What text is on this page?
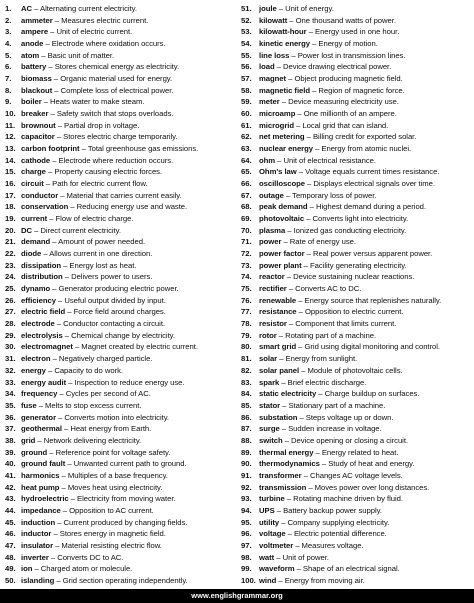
1. AC – Alternating current electricity.
2. ammeter – Measures electric current.
3. ampere – Unit of electric current.
4. anode – Electrode where oxidation occurs.
5. atom – Basic unit of matter.
6. battery – Stores chemical energy as electricity.
7. biomass – Organic material used for energy.
8. blackout – Complete loss of electrical power.
9. boiler – Heats water to make steam.
10. breaker – Safety switch that stops overloads.
11. brownout – Partial drop in voltage.
12. capacitor – Stores electric charge temporarily.
13. carbon footprint – Total greenhouse gas emissions.
14. cathode – Electrode where reduction occurs.
15. charge – Property causing electric forces.
16. circuit – Path for electric current flow.
17. conductor – Material that carries current easily.
18. conservation – Reducing energy use and waste.
19. current – Flow of electric charge.
20. DC – Direct current electricity.
21. demand – Amount of power needed.
22. diode – Allows current in one direction.
23. dissipation – Energy lost as heat.
24. distribution – Delivers power to users.
25. dynamo – Generator producing electric power.
26. efficiency – Useful output divided by input.
27. electric field – Force field around charges.
28. electrode – Conductor contacting a circuit.
29. electrolysis – Chemical change by electricity.
30. electromagnet – Magnet created by electric current.
31. electron – Negatively charged particle.
32. energy – Capacity to do work.
33. energy audit – Inspection to reduce energy use.
34. frequency – Cycles per second of AC.
35. fuse – Melts to stop excess current.
36. generator – Converts motion into electricity.
37. geothermal – Heat energy from Earth.
38. grid – Network delivering electricity.
39. ground – Reference point for voltage safety.
40. ground fault – Unwanted current path to ground.
41. harmonics – Multiples of a base frequency.
42. heat pump – Moves heat using electricity.
43. hydroelectric – Electricity from moving water.
44. impedance – Opposition to AC current.
45. induction – Current produced by changing fields.
46. inductor – Stores energy in magnetic field.
47. insulator – Material resisting electric flow.
48. inverter – Converts DC to AC.
49. ion – Charged atom or molecule.
50. islanding – Grid section operating independently.
51. joule – Unit of energy.
52. kilowatt – One thousand watts of power.
53. kilowatt-hour – Energy used in one hour.
54. kinetic energy – Energy of motion.
55. line loss – Power lost in transmission lines.
56. load – Device drawing electrical power.
57. magnet – Object producing magnetic field.
58. magnetic field – Region of magnetic force.
59. meter – Device measuring electricity use.
60. microamp – One millionth of an ampere.
61. microgrid – Local grid that can island.
62. net metering – Billing credit for exported solar.
63. nuclear energy – Energy from atomic nuclei.
64. ohm – Unit of electrical resistance.
65. Ohm's law – Voltage equals current times resistance.
66. oscilloscope – Displays electrical signals over time.
67. outage – Temporary loss of power.
68. peak demand – Highest demand during a period.
69. photovoltaic – Converts light into electricity.
70. plasma – Ionized gas conducting electricity.
71. power – Rate of energy use.
72. power factor – Real power versus apparent power.
73. power plant – Facility generating electricity.
74. reactor – Device sustaining nuclear reactions.
75. rectifier – Converts AC to DC.
76. renewable – Energy source that replenishes naturally.
77. resistance – Opposition to electric current.
78. resistor – Component that limits current.
79. rotor – Rotating part of a machine.
80. smart grid – Grid using digital monitoring and control.
81. solar – Energy from sunlight.
82. solar panel – Module of photovoltaic cells.
83. spark – Brief electric discharge.
84. static electricity – Charge buildup on surfaces.
85. stator – Stationary part of a machine.
86. substation – Steps voltage up or down.
87. surge – Sudden increase in voltage.
88. switch – Device opening or closing a circuit.
89. thermal energy – Energy related to heat.
90. thermodynamics – Study of heat and energy.
91. transformer – Changes AC voltage levels.
92. transmission – Moves power over long distances.
93. turbine – Rotating machine driven by fluid.
94. UPS – Battery backup power supply.
95. utility – Company supplying electricity.
96. voltage – Electric potential difference.
97. voltmeter – Measures voltage.
98. watt – Unit of power.
99. waveform – Shape of an electrical signal.
100. wind – Energy from moving air.
www.englishgrammar.org
